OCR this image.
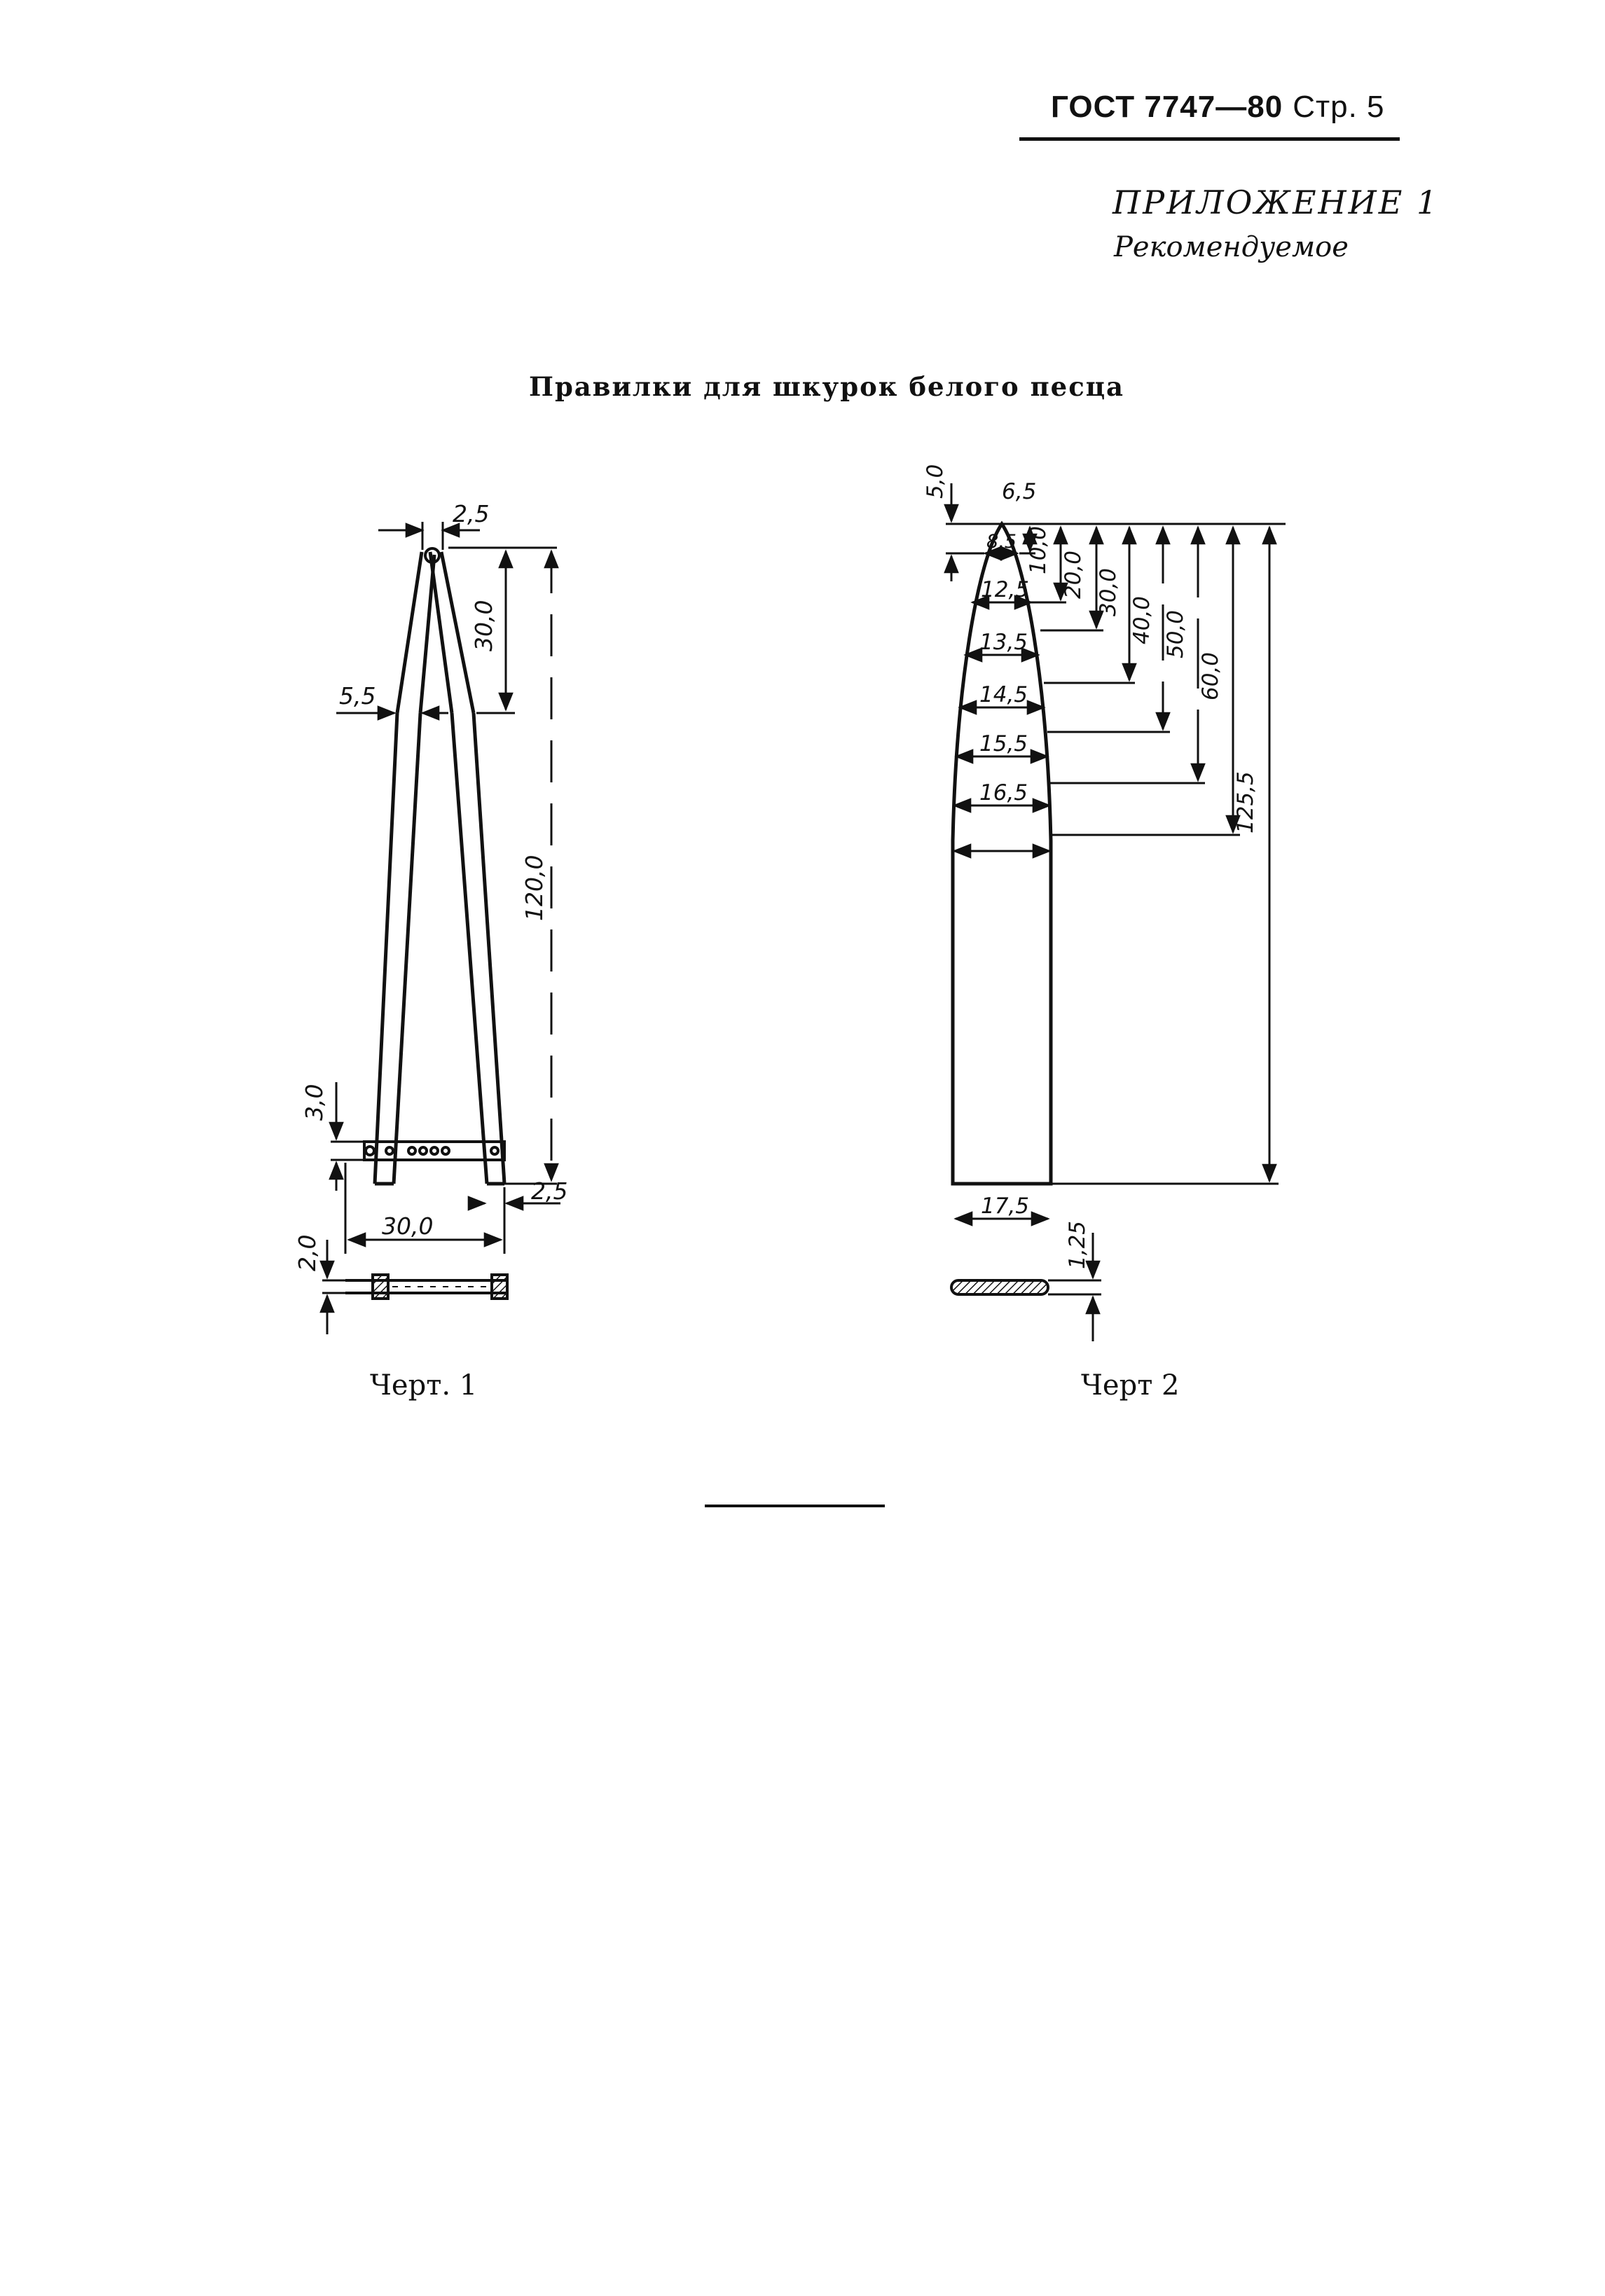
ГОСТ 7747—80 Стр. 5
ПРИЛОЖЕНИЕ 1
Рекомендуемое
Правилки для шкурок белого песца
2,5
30,0
5,5
120,0
3,0
2,5
30,0
2,0
5,0 6,5
8,5
12,5
13,5
14,5
15,5
16,5
10,0
20,0 30,0
40,0 50,0
60,0
125,5
17,5
1,25
Черт. 1	Черт 2
